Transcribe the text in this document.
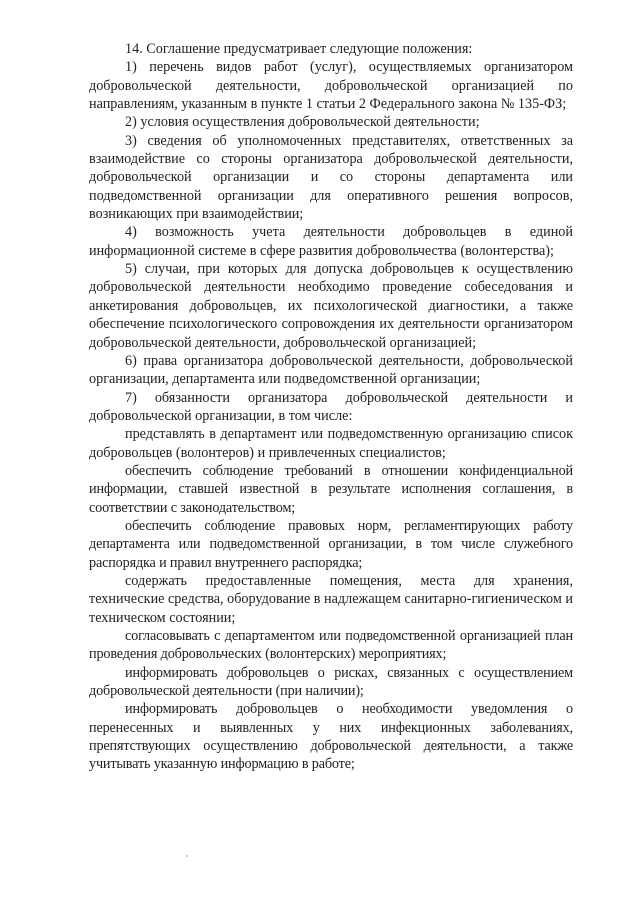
14. Соглашение предусматривает следующие положения:

1) перечень видов работ (услуг), осуществляемых организатором добровольческой деятельности, добровольческой организацией по направлениям, указанным в пункте 1 статьи 2 Федерального закона № 135-ФЗ;

2) условия осуществления добровольческой деятельности;

3) сведения об уполномоченных представителях, ответственных за взаимодействие со стороны организатора добровольческой деятельности, добровольческой организации и со стороны департамента или подведомственной организации для оперативного решения вопросов, возникающих при взаимодействии;

4) возможность учета деятельности добровольцев в единой информационной системе в сфере развития добровольчества (волонтерства);

5) случаи, при которых для допуска добровольцев к осуществлению добровольческой деятельности необходимо проведение собеседования и анкетирования добровольцев, их психологической диагностики, а также обеспечение психологического сопровождения их деятельности организатором добровольческой деятельности, добровольческой организацией;

6) права организатора добровольческой деятельности, добровольческой организации, департамента или подведомственной организации;

7) обязанности организатора добровольческой деятельности и добровольческой организации, в том числе:

представлять в департамент или подведомственную организацию список добровольцев (волонтеров) и привлеченных специалистов;

обеспечить соблюдение требований в отношении конфиденциальной информации, ставшей известной в результате исполнения соглашения, в соответствии с законодательством;

обеспечить соблюдение правовых норм, регламентирующих работу департамента или подведомственной организации, в том числе служебного распорядка и правил внутреннего распорядка;

содержать предоставленные помещения, места для хранения, технические средства, оборудование в надлежащем санитарно-гигиеническом и техническом состоянии;

согласовывать с департаментом или подведомственной организацией план проведения добровольческих (волонтерских) мероприятиях;

информировать добровольцев о рисках, связанных с осуществлением добровольческой деятельности (при наличии);

информировать добровольцев о необходимости уведомления о перенесенных и выявленных у них инфекционных заболеваниях, препятствующих осуществлению добровольческой деятельности, а также учитывать указанную информацию в работе;
